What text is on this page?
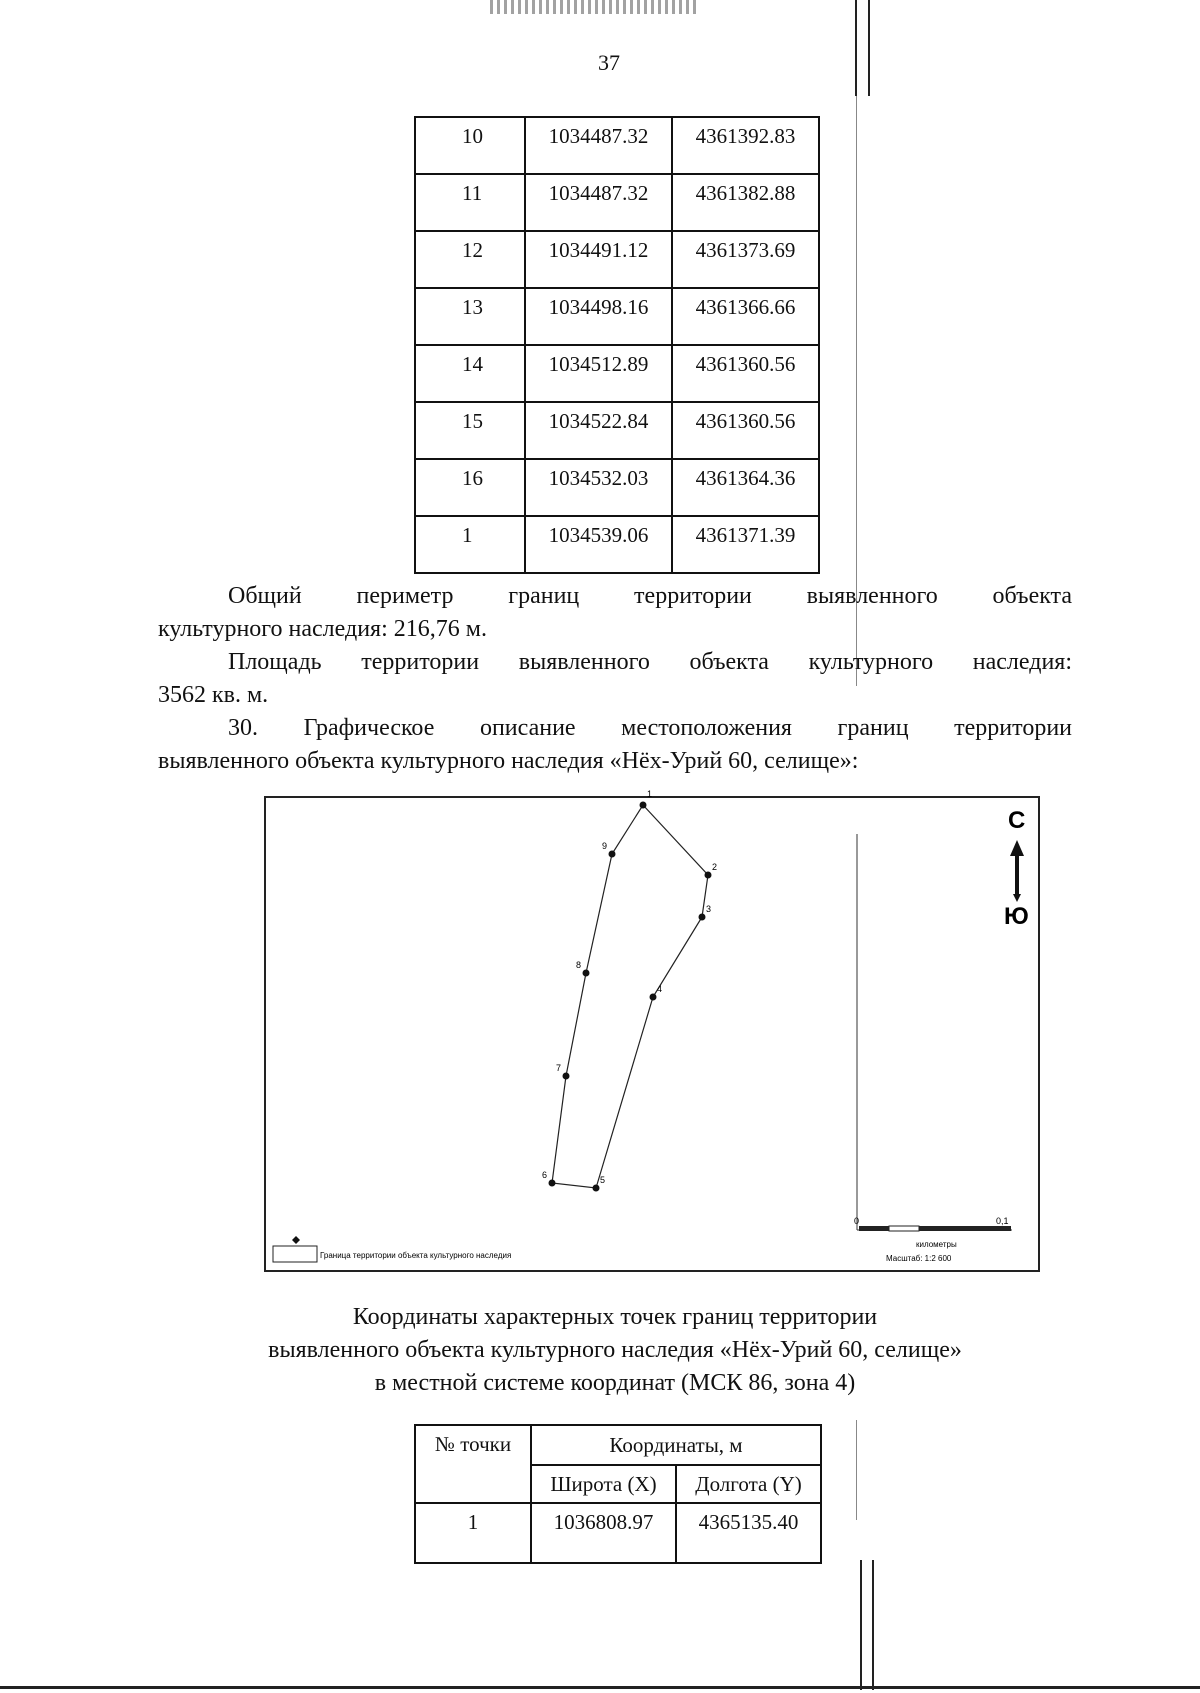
37
10	1034487.32	4361392.83
11	1034487.32	4361382.88
12	1034491.12	4361373.69
13	1034498.16	4361366.66
14	1034512.89	4361360.56
15	1034522.84	4361360.56
16	1034532.03	4361364.36
1	1034539.06	4361371.39
Общий периметр границ территории выявленного объекта
культурного наследия: 216,76 м.
Площадь территории выявленного объекта культурного наследия:
3562 кв. м.
30. Графическое описание местоположения границ территории
выявленного объекта культурного наследия «Нёх-Урий 60, селище»:
1
2
3
4
5
6
7
8
9
0	0,1
километры
Масштаб: 1:2 600
С
Ю
Граница территории объекта культурного наследия
Координаты характерных точек границ территории
выявленного объекта культурного наследия «Нёх-Урий 60, селище»
в местной системе координат (МСК 86, зона 4)
№ точки	Координаты, м	
	Широта (X)	Долгота (Y)
1	1036808.97	4365135.40
